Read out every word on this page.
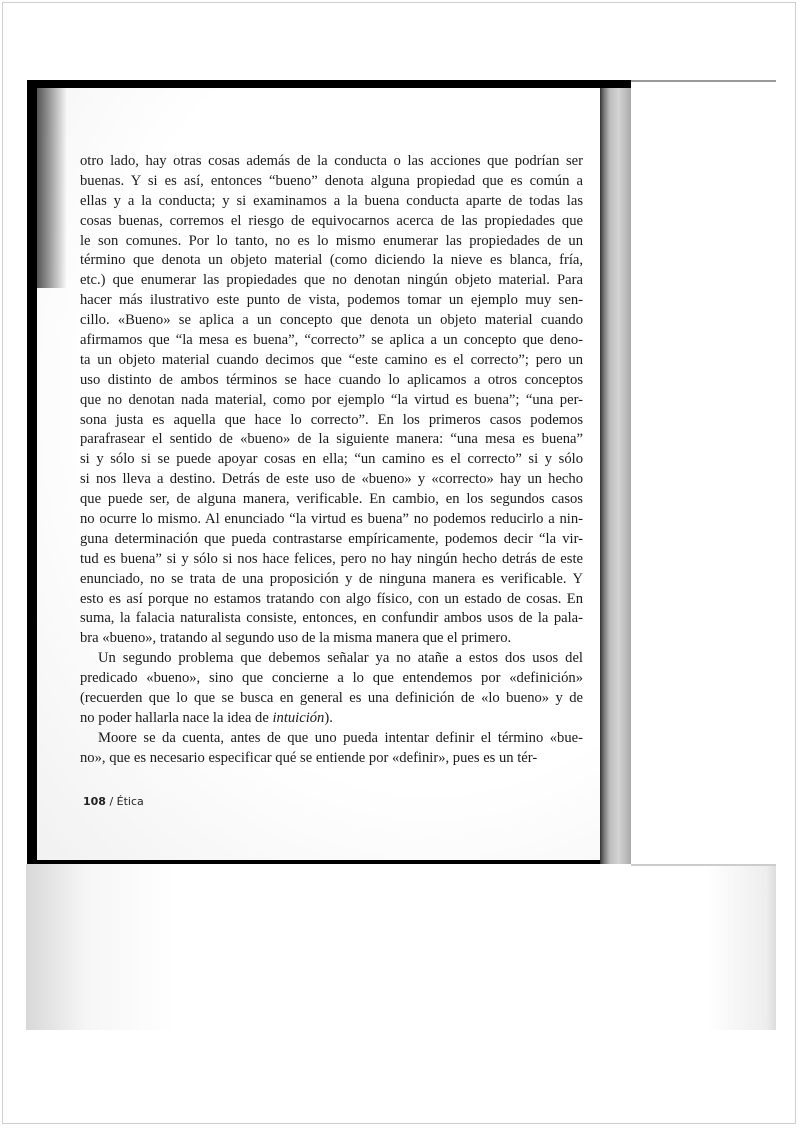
otro lado, hay otras cosas además de la conducta o las acciones que podrían ser
buenas. Y si es así, entonces “bueno” denota alguna propiedad que es común a
ellas y a la conducta; y si examinamos a la buena conducta aparte de todas las
cosas buenas, corremos el riesgo de equivocarnos acerca de las propiedades que
le son comunes. Por lo tanto, no es lo mismo enumerar las propiedades de un
término que denota un objeto material (como diciendo la nieve es blanca, fría,
etc.) que enumerar las propiedades que no denotan ningún objeto material. Para
hacer más ilustrativo este punto de vista, podemos tomar un ejemplo muy sen-
cillo. «Bueno» se aplica a un concepto que denota un objeto material cuando
afirmamos que “la mesa es buena”, “correcto” se aplica a un concepto que deno-
ta un objeto material cuando decimos que “este camino es el correcto”; pero un
uso distinto de ambos términos se hace cuando lo aplicamos a otros conceptos
que no denotan nada material, como por ejemplo “la virtud es buena”; “una per-
sona justa es aquella que hace lo correcto”. En los primeros casos podemos
parafrasear el sentido de «bueno» de la siguiente manera: “una mesa es buena”
si y sólo si se puede apoyar cosas en ella; “un camino es el correcto” si y sólo
si nos lleva a destino. Detrás de este uso de «bueno» y «correcto» hay un hecho
que puede ser, de alguna manera, verificable. En cambio, en los segundos casos
no ocurre lo mismo. Al enunciado “la virtud es buena” no podemos reducirlo a nin-
guna determinación que pueda contrastarse empíricamente, podemos decir “la vir-
tud es buena” si y sólo si nos hace felices, pero no hay ningún hecho detrás de este
enunciado, no se trata de una proposición y de ninguna manera es verificable. Y
esto es así porque no estamos tratando con algo físico, con un estado de cosas. En
suma, la falacia naturalista consiste, entonces, en confundir ambos usos de la pala-
bra «bueno», tratando al segundo uso de la misma manera que el primero.
Un segundo problema que debemos señalar ya no atañe a estos dos usos del
predicado «bueno», sino que concierne a lo que entendemos por «definición»
(recuerden que lo que se busca en general es una definición de «lo bueno» y de
no poder hallarla nace la idea de intuición).
Moore se da cuenta, antes de que uno pueda intentar definir el término «bue-
no», que es necesario especificar qué se entiende por «definir», pues es un tér-
108 / Ética
